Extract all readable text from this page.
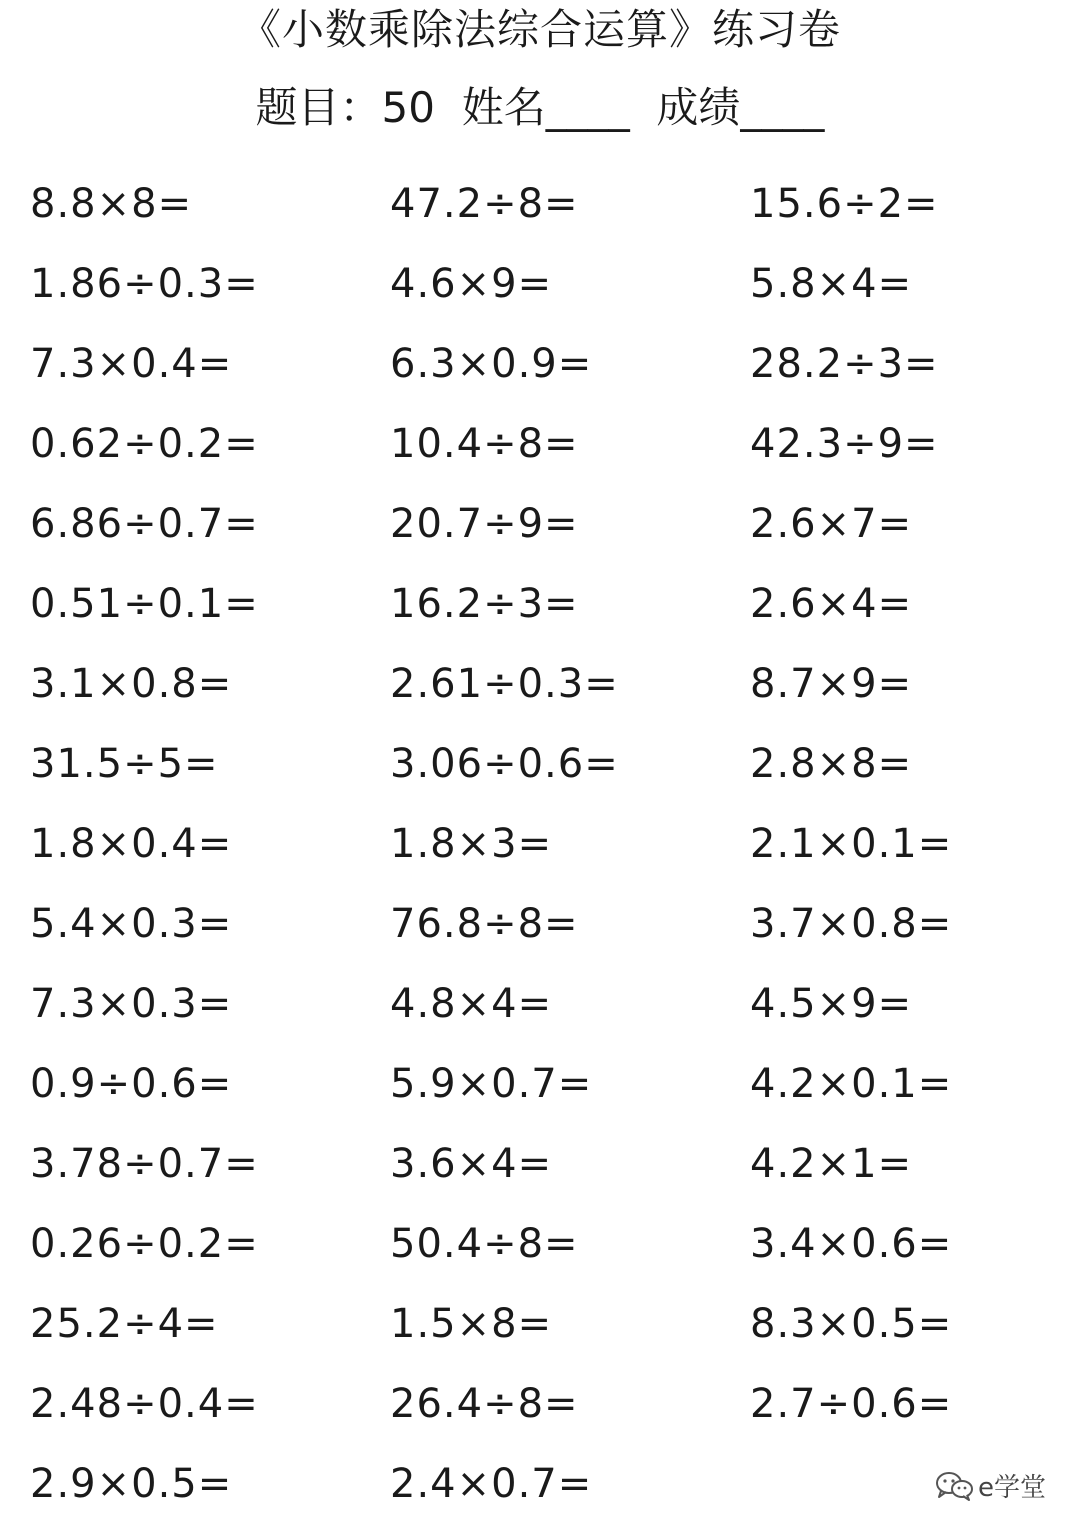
《小数乘除法综合运算》练习卷
题目：50 姓名____ 成绩____
8.8×8=	47.2÷8=	15.6÷2=
1.86÷0.3=	4.6×9=	5.8×4=
7.3×0.4=	6.3×0.9=	28.2÷3=
0.62÷0.2=	10.4÷8=	42.3÷9=
6.86÷0.7=	20.7÷9=	2.6×7=
0.51÷0.1=	16.2÷3=	2.6×4=
3.1×0.8=	2.61÷0.3=	8.7×9=
31.5÷5=	3.06÷0.6=	2.8×8=
1.8×0.4=	1.8×3=	2.1×0.1=
5.4×0.3=	76.8÷8=	3.7×0.8=
7.3×0.3=	4.8×4=	4.5×9=
0.9÷0.6=	5.9×0.7=	4.2×0.1=
3.78÷0.7=	3.6×4=	4.2×1=
0.26÷0.2=	50.4÷8=	3.4×0.6=
25.2÷4=	1.5×8=	8.3×0.5=
2.48÷0.4=	26.4÷8=	2.7÷0.6=
2.9×0.5=	2.4×0.7=	e学堂
